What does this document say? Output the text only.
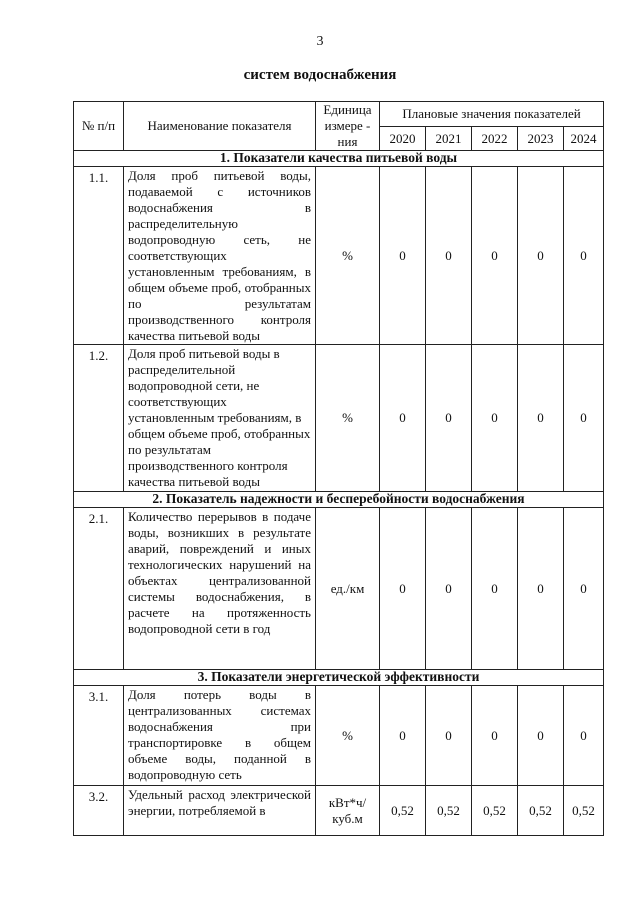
3
систем водоснабжения
№ п/п	Наименование показателя	Единица измере - ния	Плановые значения показателей				
			2020	2021	2022	2023	2024
1. Показатели качества питьевой воды							
1.1.	Доля проб питьевой воды, подаваемой с источников водоснабжения в распределительную водопроводную сеть, не соответствующих установленным требованиям, в общем объеме проб, отобранных по результатам производственного контроля качества питьевой воды	%	0	0	0	0	0
1.2.	Доля проб питьевой воды в распределительной водопроводной сети, не соответствующих установленным требованиям, в общем объеме проб, отобранных по результатам производственного контроля качества питьевой воды	%	0	0	0	0	0
2. Показатель надежности и бесперебойности водоснабжения							
2.1.	Количество перерывов в подаче воды, возникших в результате аварий, повреждений и иных технологических нарушений на объектах централизованной системы водоснабжения, в расчете на протяженность водопроводной сети в год	ед./км	0	0	0	0	0
3. Показатели энергетической эффективности							
3.1.	Доля потерь воды в централизованных системах водоснабжения при транспортировке в общем объеме воды, поданной в водопроводную сеть	%	0	0	0	0	0
3.2.	Удельный расход электрической энергии, потребляемой в	кВт*ч/ куб.м	0,52	0,52	0,52	0,52	0,52
